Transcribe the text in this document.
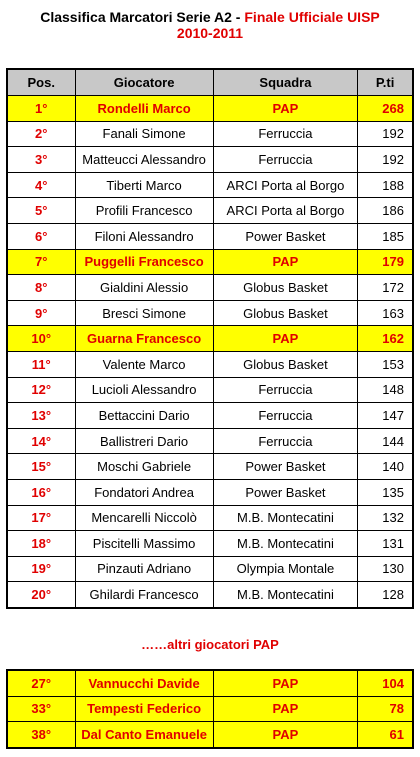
Classifica Marcatori Serie A2 - Finale Ufficiale UISP
2010-2011
Pos.	Giocatore	Squadra	P.ti
1°	Rondelli Marco	PAP	268
2°	Fanali Simone	Ferruccia	192
3°	Matteucci Alessandro	Ferruccia	192
4°	Tiberti Marco	ARCI Porta al Borgo	188
5°	Profili Francesco	ARCI Porta al Borgo	186
6°	Filoni Alessandro	Power Basket	185
7°	Puggelli Francesco	PAP	179
8°	Gialdini Alessio	Globus Basket	172
9°	Bresci Simone	Globus Basket	163
10°	Guarna Francesco	PAP	162
11°	Valente Marco	Globus Basket	153
12°	Lucioli Alessandro	Ferruccia	148
13°	Bettaccini Dario	Ferruccia	147
14°	Ballistreri Dario	Ferruccia	144
15°	Moschi Gabriele	Power Basket	140
16°	Fondatori Andrea	Power Basket	135
17°	Mencarelli Niccolò	M.B. Montecatini	132
18°	Piscitelli Massimo	M.B. Montecatini	131
19°	Pinzauti Adriano	Olympia Montale	130
20°	Ghilardi Francesco	M.B. Montecatini	128
……altri giocatori PAP
27°	Vannucchi Davide	PAP	104
33°	Tempesti Federico	PAP	78
38°	Dal Canto Emanuele	PAP	61
